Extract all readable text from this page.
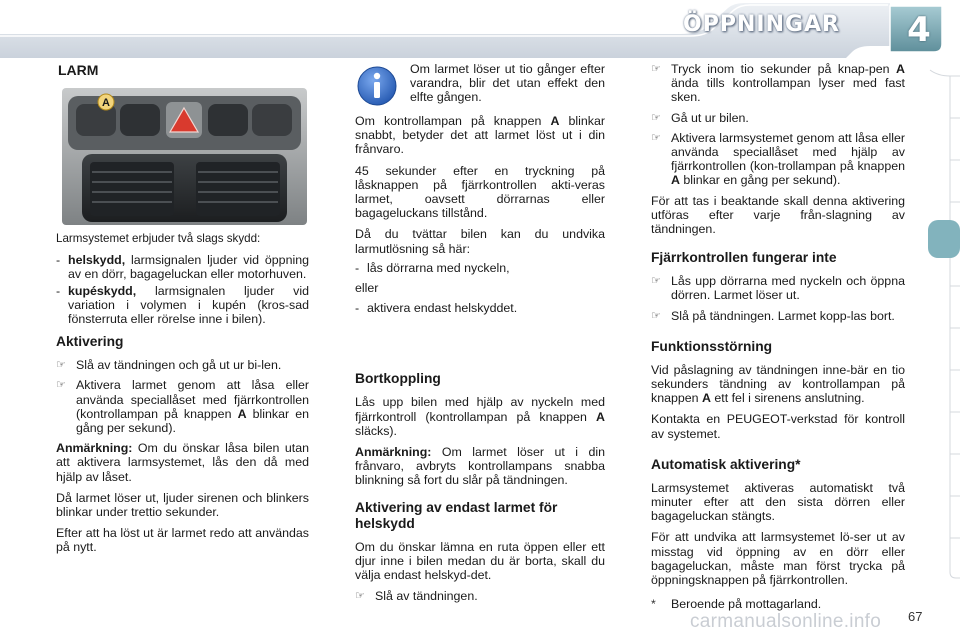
ÖPPNINGAR	4
LARM
A

Larmsystemet erbjuder två slags skydd:

- helskydd, larmsignalen ljuder vid öppning av en dörr, bagageluckan eller motorhuven.
- kupéskydd, larmsignalen ljuder vid variation i volymen i kupén (kros-sad fönsterruta eller rörelse inne i bilen).
Aktivering
☞ Slå av tändningen och gå ut ur bi-len.
☞ Aktivera larmet genom att låsa eller använda speciallåset med fjärrkontrollen (kontrollampan på knappen A blinkar en gång per sekund).

Anmärkning: Om du önskar låsa bilen utan att aktivera larmsystemet, lås den då med hjälp av låset.

Då larmet löser ut, ljuder sirenen och blinkers blinkar under trettio sekunder.

Efter att ha löst ut är larmet redo att användas på nytt.

Om larmet löser ut tio gånger efter varandra, blir det utan effekt den elfte gången.

Om kontrollampan på knappen A blinkar snabbt, betyder det att larmet löst ut i din frånvaro.

45 sekunder efter en tryckning på låsknappen på fjärrkontrollen akti-veras larmet, oavsett dörrarnas eller bagageluckans tillstånd.

Då du tvättar bilen kan du undvika larmutlösning så här:

- lås dörrarna med nyckeln,

eller

- aktivera endast helskyddet.
Bortkoppling

Lås upp bilen med hjälp av nyckeln med fjärrkontroll (kontrollampan på knappen A släcks).

Anmärkning: Om larmet löser ut i din frånvaro, avbryts kontrollampans snabba blinkning så fort du slår på tändningen.

Aktivering av endast larmet för helskydd

Om du önskar lämna en ruta öppen eller ett djur inne i bilen medan du är borta, skall du välja endast helskyd-det.

☞ Slå av tändningen.
☞ Tryck inom tio sekunder på knap-pen A ända tills kontrollampan lyser med fast sken.
☞ Gå ut ur bilen.
☞ Aktivera larmsystemet genom att låsa eller använda speciallåset med hjälp av fjärrkontrollen (kon-trollampan på knappen A blinkar en gång per sekund).

För att tas i beaktande skall denna aktivering utföras efter varje från-slagning av tändningen.

Fjärrkontrollen fungerar inte
☞ Lås upp dörrarna med nyckeln och öppna dörren. Larmet löser ut.
☞ Slå på tändningen. Larmet kopp-las bort.
Funktionsstörning

Vid påslagning av tändningen inne-bär en tio sekunders tändning av kontrollampan på knappen A ett fel i sirenens anslutning.

Kontakta en PEUGEOT-verkstad för kontroll av systemet.

Automatisk aktivering*

Larmsystemet aktiveras automatiskt två minuter efter att den sista dörren eller bagageluckan stängts.

För att undvika att larmsystemet lö-ser ut av misstag vid öppning av en dörr eller bagageluckan, måste man först trycka på öppningsknappen på fjärrkontrollen.

*	Beroende på mottagarland.
carmanualsonline.info 67
